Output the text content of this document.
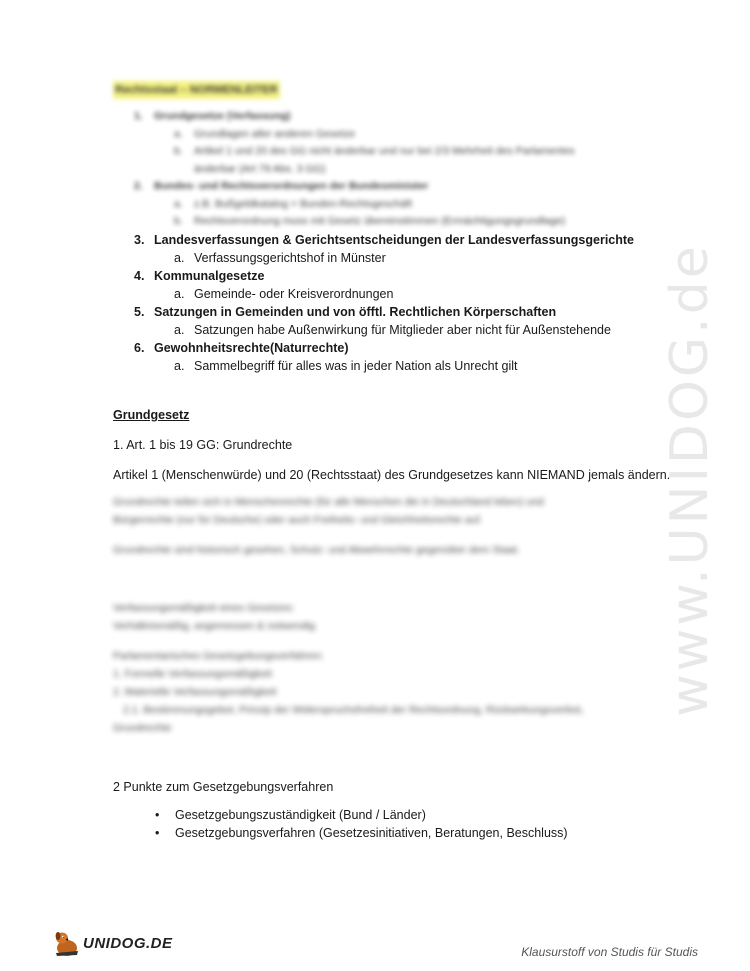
www.UNIDOG.de
Rechtsstaat – NORMENLEITER
1. Grundgesetze (Verfassung)
a. Grundlagen aller anderen Gesetze
b. Artikel 1 und 20 des GG nicht änderbar und nur bei 2/3 Mehrheit des Parlamentes
änderbar (Art 79 Abs. 3 GG)
2. Bundes- und Rechtsverordnungen der Bundesminister
a. z.B. Bußgeldkatalog = Bunden-Rechtsgeschäft
b. Rechtsverordnung muss mit Gesetz übereinstimmen (Ermächtigungsgrundlage)
3. Landesverfassungen & Gerichtsentscheidungen der Landesverfassungsgerichte
a. Verfassungsgerichtshof in Münster
4. Kommunalgesetze
a. Gemeinde- oder Kreisverordnungen
5. Satzungen in Gemeinden und von öfftl. Rechtlichen Körperschaften
a. Satzungen habe Außenwirkung für Mitglieder aber nicht für Außenstehende
6. Gewohnheitsrechte(Naturrechte)
a. Sammelbegriff für alles was in jeder Nation als Unrecht gilt
Grundgesetz
1. Art. 1 bis 19 GG: Grundrechte
Artikel 1 (Menschenwürde) und 20 (Rechtsstaat) des Grundgesetzes kann NIEMAND jemals ändern.
Grundrechte teilen sich in Menschenrechte (für alle Menschen die in Deutschland leben) und
Bürgerrechte (nur für Deutsche) oder auch Freiheits- und Gleichheitsrechte auf.
Grundrechte sind historisch gesehen, Schutz- und Abwehrrechte gegenüber dem Staat.
Verfassungsmäßigkeit eines Gesetzes:
Verhältnismäßig, angemessen & notwendig
Parlamentarisches Gesetzgebungsverfahren:
1. Formelle Verfassungsmäßigkeit
2. Materielle Verfassungsmäßigkeit
2.1. Bestimmungsgebot, Prinzip der Widerspruchsfreiheit der Rechtsordnung, Rückwirkungsverbot,
Grundrechte
2 Punkte zum Gesetzgebungsverfahren
• Gesetzgebungszuständigkeit (Bund / Länder)
• Gesetzgebungsverfahren (Gesetzesinitiativen, Beratungen, Beschluss)
UNIDOG.DE	Klausurstoff von Studis für Studis
